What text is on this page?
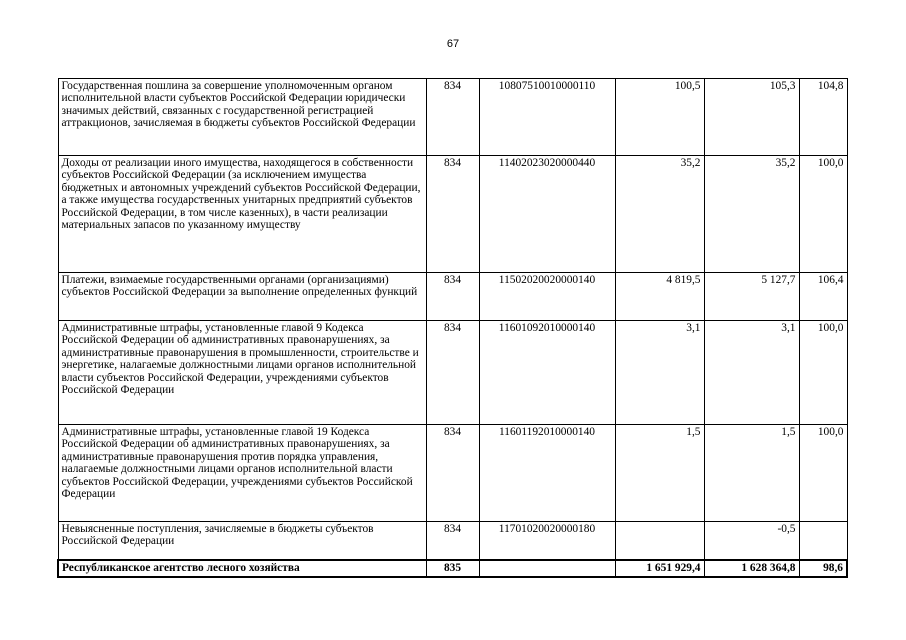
67
Государственная пошлина за совершение уполномоченным органом исполнительной власти субъектов Российской Федерации юридически значимых действий, связанных с государственной регистрацией аттракционов, зачисляемая в бюджеты субъектов Российской Федерации	834	10807510010000110	100,5	105,3	104,8
Доходы от реализации иного имущества, находящегося в собственности субъектов Российской Федерации (за исключением имущества бюджетных и автономных учреждений субъектов Российской Федерации, а также имущества государственных унитарных предприятий субъектов Российской Федерации, в том числе казенных), в части реализации материальных запасов по указанному имуществу	834	11402023020000440	35,2	35,2	100,0
Платежи, взимаемые государственными органами (организациями) субъектов Российской Федерации за выполнение определенных функций	834	11502020020000140	4 819,5	5 127,7	106,4
Административные штрафы, установленные главой 9 Кодекса Российской Федерации об административных правонарушениях, за административные правонарушения в промышленности, строительстве и энергетике, налагаемые должностными лицами органов исполнительной власти субъектов Российской Федерации, учреждениями субъектов Российской Федерации	834	11601092010000140	3,1	3,1	100,0
Административные штрафы, установленные главой 19 Кодекса Российской Федерации об административных правонарушениях, за административные правонарушения против порядка управления, налагаемые должностными лицами органов исполнительной власти субъектов Российской Федерации, учреждениями субъектов Российской Федерации	834	11601192010000140	1,5	1,5	100,0
Невыясненные поступления, зачисляемые в бюджеты субъектов Российской Федерации	834	11701020020000180		-0,5	
Республиканское агентство лесного хозяйства	835		1 651 929,4	1 628 364,8	98,6
